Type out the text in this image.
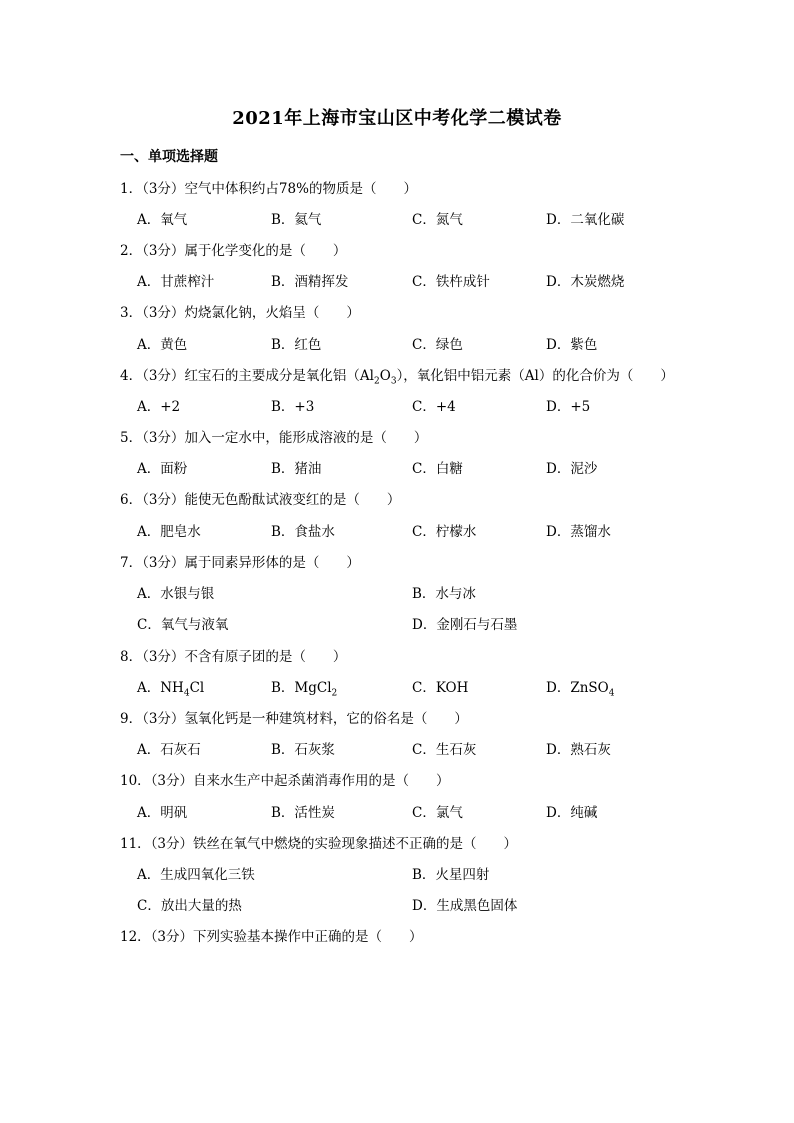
2021年上海市宝山区中考化学二模试卷
一、单项选择题
1．（3分）空气中体积约占78%的物质是（　　）
A．氧气	B．氦气	C．氮气	D．二氧化碳
2．（3分）属于化学变化的是（　　）
A．甘蔗榨汁	B．酒精挥发	C．铁杵成针	D．木炭燃烧
3．（3分）灼烧氯化钠，火焰呈（　　）
A．黄色	B．红色	C．绿色	D．紫色
4．（3分）红宝石的主要成分是氧化铝$(Al_2O_3)$，氧化铝中铝元素（Al）的化合价为（　　）
A．+2	B．+3	C．+4	D．+5
5．（3分）加入一定水中，能形成溶液的是（　　）
A．面粉	B．猪油	C．白糖	D．泥沙
6．（3分）能使无色酚酞试液变红的是（　　）
A．肥皂水	B．食盐水	C．柠檬水	D．蒸馏水
7．（3分）属于同素异形体的是（　　）
A．水银与银	B．水与冰
C．氧气与液氧	D．金刚石与石墨
8．（3分）不含有原子团的是（　　）
A．$NH_4Cl$	B．MgCl$_2$	C．KOH	D．ZnSO$_4$
9．（3分）氢氧化钙是一种建筑材料，它的俗名是（　　）
A．石灰石	B．石灰浆	C．生石灰	D．熟石灰
10．（3分）自来水生产中起杀菌消毒作用的是（　　）
A．明矾	B．活性炭	C．氯气	D．纯碱
11．（3分）铁丝在氧气中燃烧的实验现象描述不正确的是（　　）
A．生成四氧化三铁	B．火星四射
C．放出大量的热	D．生成黑色固体
12．（3分）下列实验基本操作中正确的是（　　）
